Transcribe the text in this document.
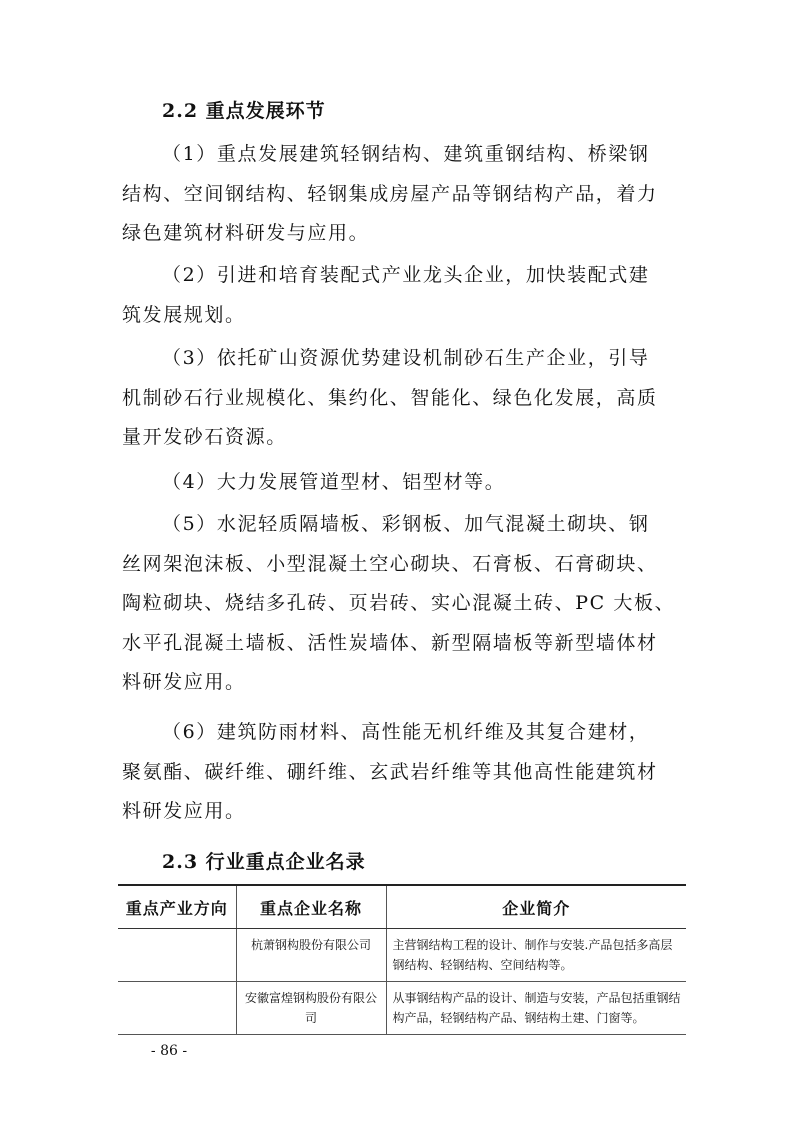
2.2 重点发展环节
（1）重点发展建筑轻钢结构、建筑重钢结构、桥梁钢
结构、空间钢结构、轻钢集成房屋产品等钢结构产品，着力
绿色建筑材料研发与应用。
（2）引进和培育装配式产业龙头企业，加快装配式建
筑发展规划。
（3）依托矿山资源优势建设机制砂石生产企业，引导
机制砂石行业规模化、集约化、智能化、绿色化发展，高质
量开发砂石资源。
（4）大力发展管道型材、铝型材等。
（5）水泥轻质隔墙板、彩钢板、加气混凝土砌块、钢
丝网架泡沫板、小型混凝土空心砌块、石膏板、石膏砌块、
陶粒砌块、烧结多孔砖、页岩砖、实心混凝土砖、PC 大板、
水平孔混凝土墙板、活性炭墙体、新型隔墙板等新型墙体材
料研发应用。
（6）建筑防雨材料、高性能无机纤维及其复合建材，
聚氨酯、碳纤维、硼纤维、玄武岩纤维等其他高性能建筑材
料研发应用。
2.3 行业重点企业名录
重点产业方向	重点企业名称	企业简介
	杭萧钢构股份有限公司	主营钢结构工程的设计、制作与安装.产品包括多高层钢结构、轻钢结构、空间结构等。
	安徽富煌钢构股份有限公司	从事钢结构产品的设计、制造与安装，产品包括重钢结构产品，轻钢结构产品、钢结构土建、门窗等。
- 86 -
